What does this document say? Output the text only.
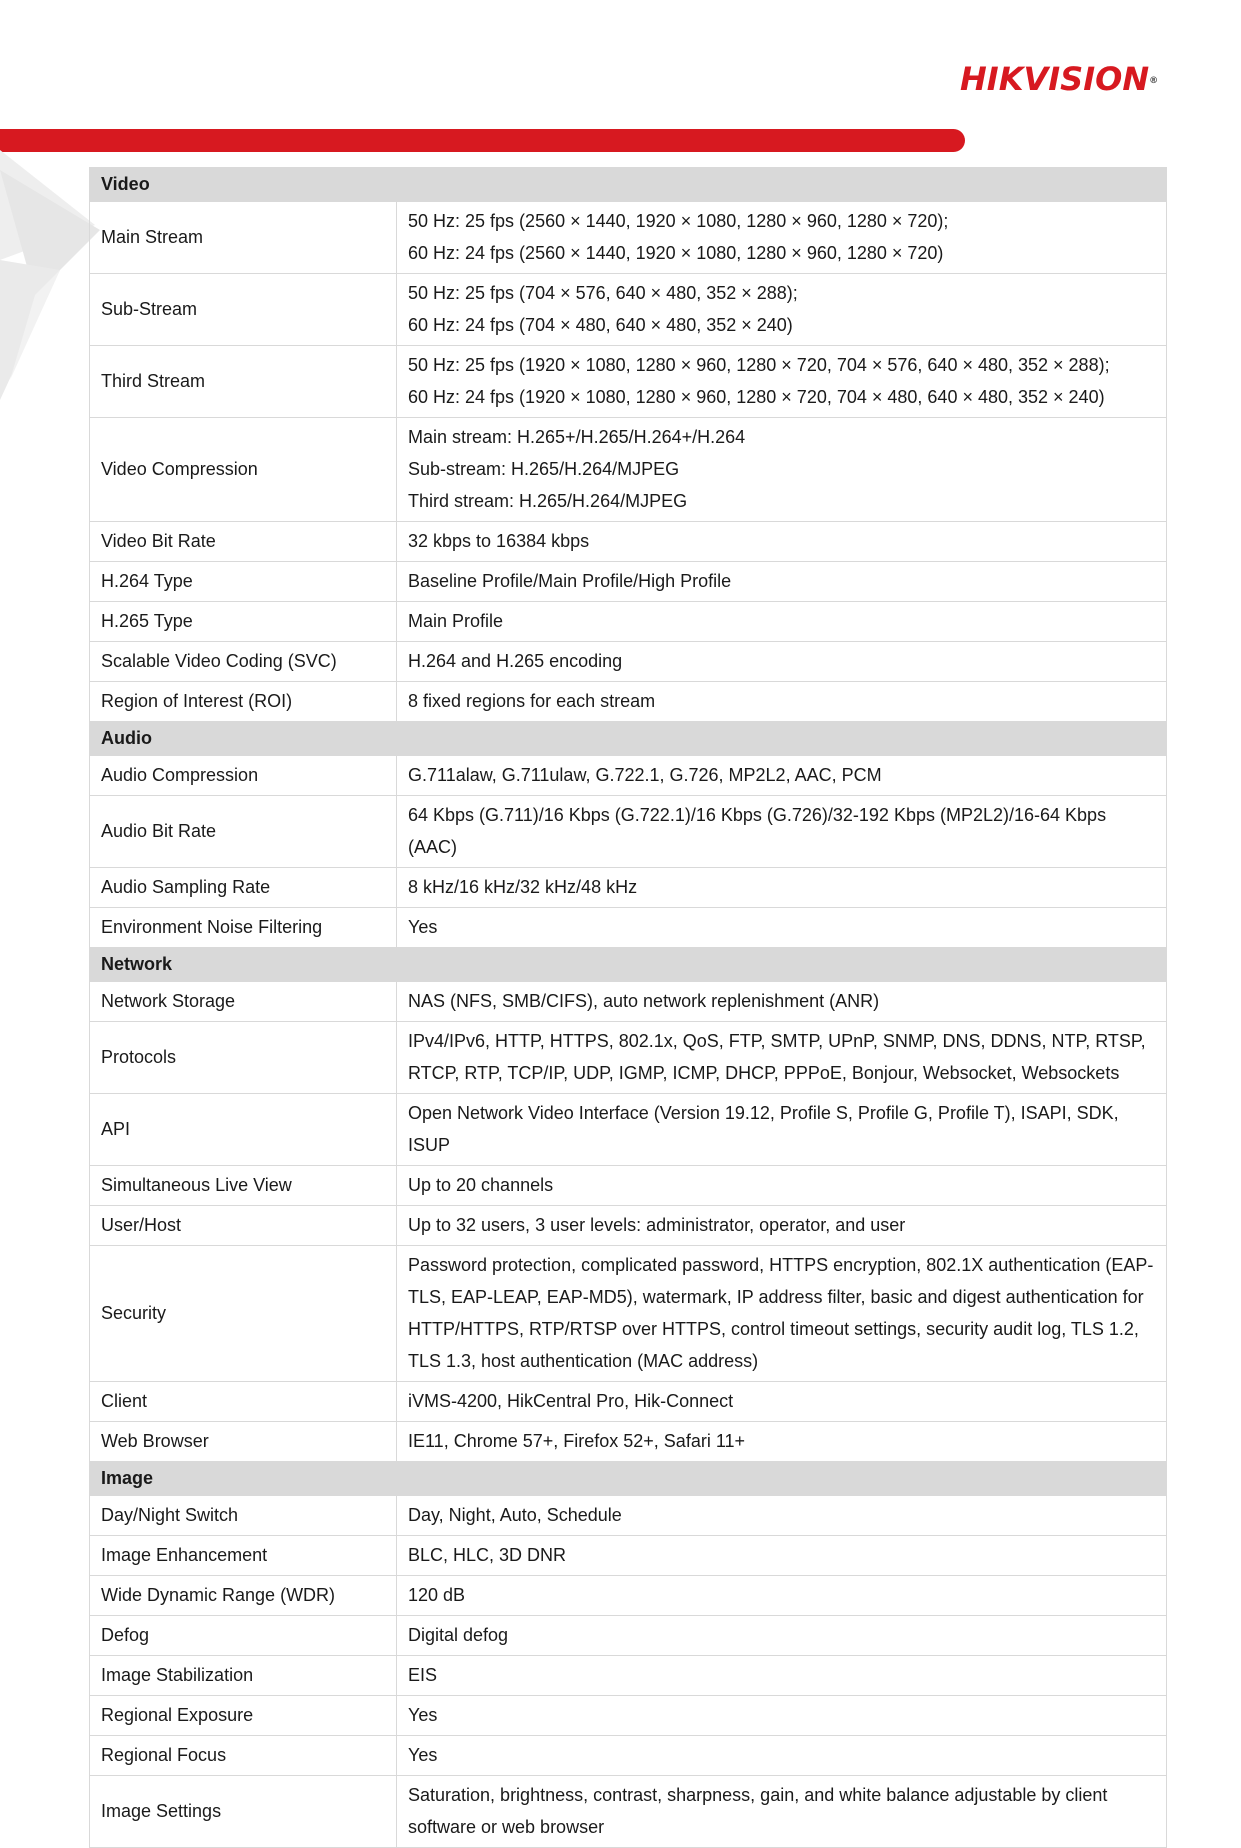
HIKVISION®
Video	
Main Stream	50 Hz: 25 fps (2560 × 1440, 1920 × 1080, 1280 × 960, 1280 × 720);
60 Hz: 24 fps (2560 × 1440, 1920 × 1080, 1280 × 960, 1280 × 720)

Sub-Stream	50 Hz: 25 fps (704 × 576, 640 × 480, 352 × 288);
60 Hz: 24 fps (704 × 480, 640 × 480, 352 × 240)

Third Stream	50 Hz: 25 fps (1920 × 1080, 1280 × 960, 1280 × 720, 704 × 576, 640 × 480, 352 × 288);
60 Hz: 24 fps (1920 × 1080, 1280 × 960, 1280 × 720, 704 × 480, 640 × 480, 352 × 240)

Video Compression	Main stream: H.265+/H.265/H.264+/H.264
Sub-stream: H.265/H.264/MJPEG
Third stream: H.265/H.264/MJPEG

Video Bit Rate	32 kbps to 16384 kbps

H.264 Type	Baseline Profile/Main Profile/High Profile

H.265 Type	Main Profile

Scalable Video Coding (SVC)	H.264 and H.265 encoding

Region of Interest (ROI)	8 fixed regions for each stream

Audio	
Audio Compression	G.711alaw, G.711ulaw, G.722.1, G.726, MP2L2, AAC, PCM

Audio Bit Rate	64 Kbps (G.711)/16 Kbps (G.722.1)/16 Kbps (G.726)/32-192 Kbps (MP2L2)/16-64 Kbps (AAC)

Audio Sampling Rate	8 kHz/16 kHz/32 kHz/48 kHz

Environment Noise Filtering	Yes

Network	
Network Storage	NAS (NFS, SMB/CIFS), auto network replenishment (ANR)

Protocols	IPv4/IPv6, HTTP, HTTPS, 802.1x, QoS, FTP, SMTP, UPnP, SNMP, DNS, DDNS, NTP, RTSP, RTCP, RTP, TCP/IP, UDP, IGMP, ICMP, DHCP, PPPoE, Bonjour, Websocket, Websockets

API	Open Network Video Interface (Version 19.12, Profile S, Profile G, Profile T), ISAPI, SDK, ISUP

Simultaneous Live View	Up to 20 channels

User/Host	Up to 32 users, 3 user levels: administrator, operator, and user

Security	Password protection, complicated password, HTTPS encryption, 802.1X authentication (EAP-TLS, EAP-LEAP, EAP-MD5), watermark, IP address filter, basic and digest authentication for HTTP/HTTPS, RTP/RTSP over HTTPS, control timeout settings, security audit log, TLS 1.2, TLS 1.3, host authentication (MAC address)

Client	iVMS-4200, HikCentral Pro, Hik-Connect

Web Browser	IE11, Chrome 57+, Firefox 52+, Safari 11+

Image	
Day/Night Switch	Day, Night, Auto, Schedule

Image Enhancement	BLC, HLC, 3D DNR

Wide Dynamic Range (WDR)	120 dB

Defog	Digital defog

Image Stabilization	EIS

Regional Exposure	Yes

Regional Focus	Yes

Image Settings	Saturation, brightness, contrast, sharpness, gain, and white balance adjustable by client software or web browser
